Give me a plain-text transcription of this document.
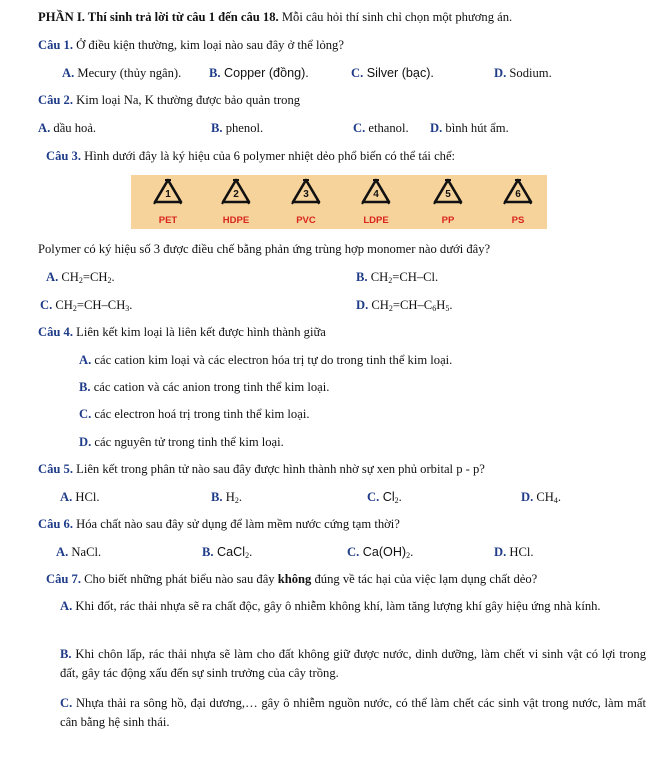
PHẦN I. Thí sinh trả lời từ câu 1 đến câu 18. Mỗi câu hỏi thí sinh chỉ chọn một phương án.
Câu 1. Ở điều kiện thường, kim loại nào sau đây ở thể lỏng?
A. Mecury (thủy ngân). B. Copper (đồng).	C. Silver (bạc).	D. Sodium.
Câu 2. Kim loại Na, K thường được bảo quản trong
A. dầu hoả.	B. phenol.	C. ethanol. D. bình hút ẩm.
Câu 3. Hình dưới đây là ký hiệu của 6 polymer nhiệt dẻo phổ biến có thể tái chế:
1
PET
2
HDPE
3
PVC
4
LDPE
5
PP
6
PS
Polymer có ký hiệu số 3 được điều chế bằng phản ứng trùng hợp monomer nào dưới đây?
A. $CH_2=CH_2$.	B. $CH_2=CH-Cl$.
C. $CH_2=CH-CH_3$.	D. $CH_2=CH-C_6H_5$.
Câu 4. Liên kết kim loại là liên kết được hình thành giữa
A. các cation kim loại và các electron hóa trị tự do trong tinh thể kim loại.
B. các cation và các anion trong tinh thể kim loại.
C. các electron hoá trị trong tinh thể kim loại.
D. các nguyên tử trong tinh thể kim loại.
Câu 5. Liên kết trong phân tử nào sau đây được hình thành nhờ sự xen phủ orbital p - p?
A. HCl.	B. $H_2$.	C. $Cl_2$.	D. $CH_4$.
Câu 6. Hóa chất nào sau đây sử dụng để làm mềm nước cứng tạm thời?
A. NaCl.	B. CaCl$_2$.	C. $Ca(OH)_2$.	D. HCl.
Câu 7. Cho biết những phát biểu nào sau đây không đúng về tác hại của việc lạm dụng chất dẻo?
A. Khi đốt, rác thải nhựa sẽ ra chất độc, gây ô nhiễm không khí, làm tăng lượng khí gây hiệu ứng nhà kính.
B. Khi chôn lấp, rác thải nhựa sẽ làm cho đất không giữ được nước, dinh dưỡng, làm chết vi sinh vật có lợi trong đất, gây tác động xấu đến sự sinh trưởng của cây trồng.
C. Nhựa thải ra sông hồ, đại dương,… gây ô nhiễm nguồn nước, có thể làm chết các sinh vật trong nước, làm mất cân bằng hệ sinh thái.
